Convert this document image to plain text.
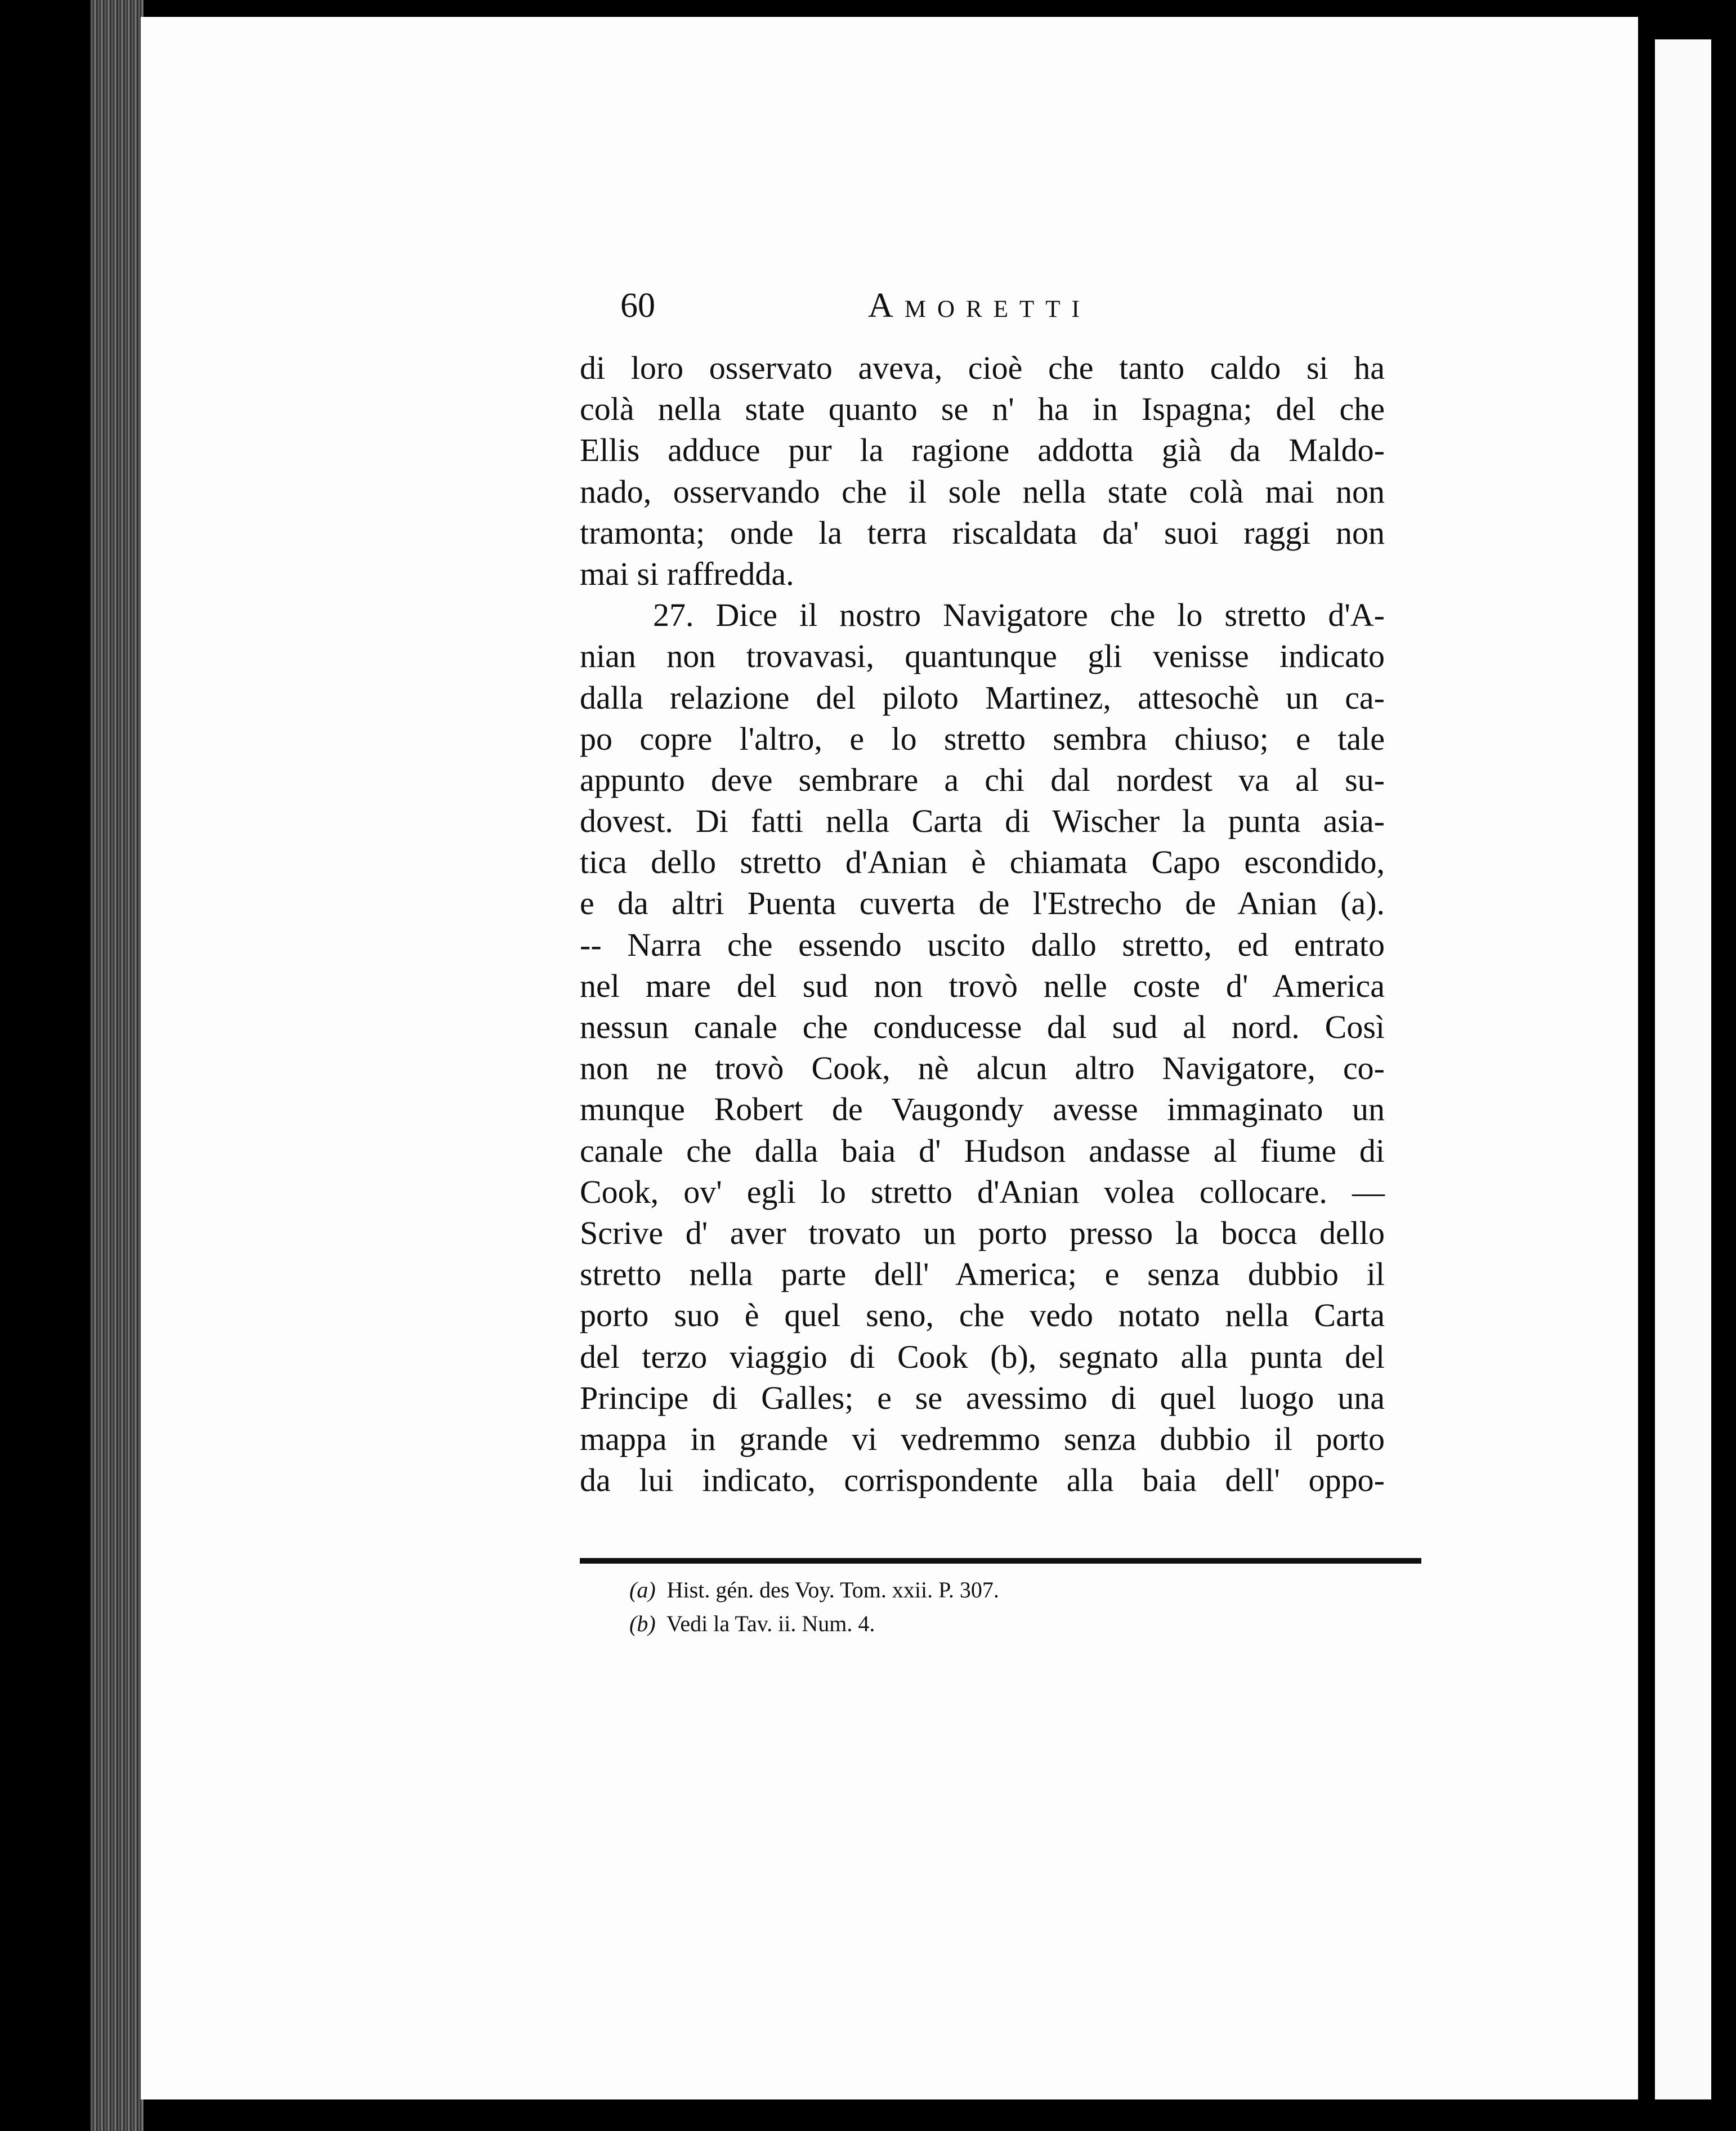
60	Amoretti
di loro osservato aveva, cioè che tanto caldo si ha
colà nella state quanto se n' ha in Ispagna; del che
Ellis adduce pur la ragione addotta già da Maldo-
nado, osservando che il sole nella state colà mai non
tramonta; onde la terra riscaldata da' suoi raggi non
mai si raffredda.
27. Dice il nostro Navigatore che lo stretto d'A-
nian non trovavasi, quantunque gli venisse indicato
dalla relazione del piloto Martinez, attesochè un ca-
po copre l'altro, e lo stretto sembra chiuso; e tale
appunto deve sembrare a chi dal nordest va al su-
dovest. Di fatti nella Carta di Wischer la punta asia-
tica dello stretto d'Anian è chiamata Capo escondido,
e da altri Puenta cuverta de l'Estrecho de Anian (a).
-- Narra che essendo uscito dallo stretto, ed entrato
nel mare del sud non trovò nelle coste d' America
nessun canale che conducesse dal sud al nord. Così
non ne trovò Cook, nè alcun altro Navigatore, co-
munque Robert de Vaugondy avesse immaginato un
canale che dalla baia d' Hudson andasse al fiume di
Cook, ov' egli lo stretto d'Anian volea collocare. —
Scrive d' aver trovato un porto presso la bocca dello
stretto nella parte dell' America; e senza dubbio il
porto suo è quel seno, che vedo notato nella Carta
del terzo viaggio di Cook (b), segnato alla punta del
Principe di Galles; e se avessimo di quel luogo una
mappa in grande vi vedremmo senza dubbio il porto
da lui indicato, corrispondente alla baia dell' oppo-
(a) Hist. gén. des Voy. Tom. xxii. P. 307.
(b) Vedi la Tav. ii. Num. 4.
